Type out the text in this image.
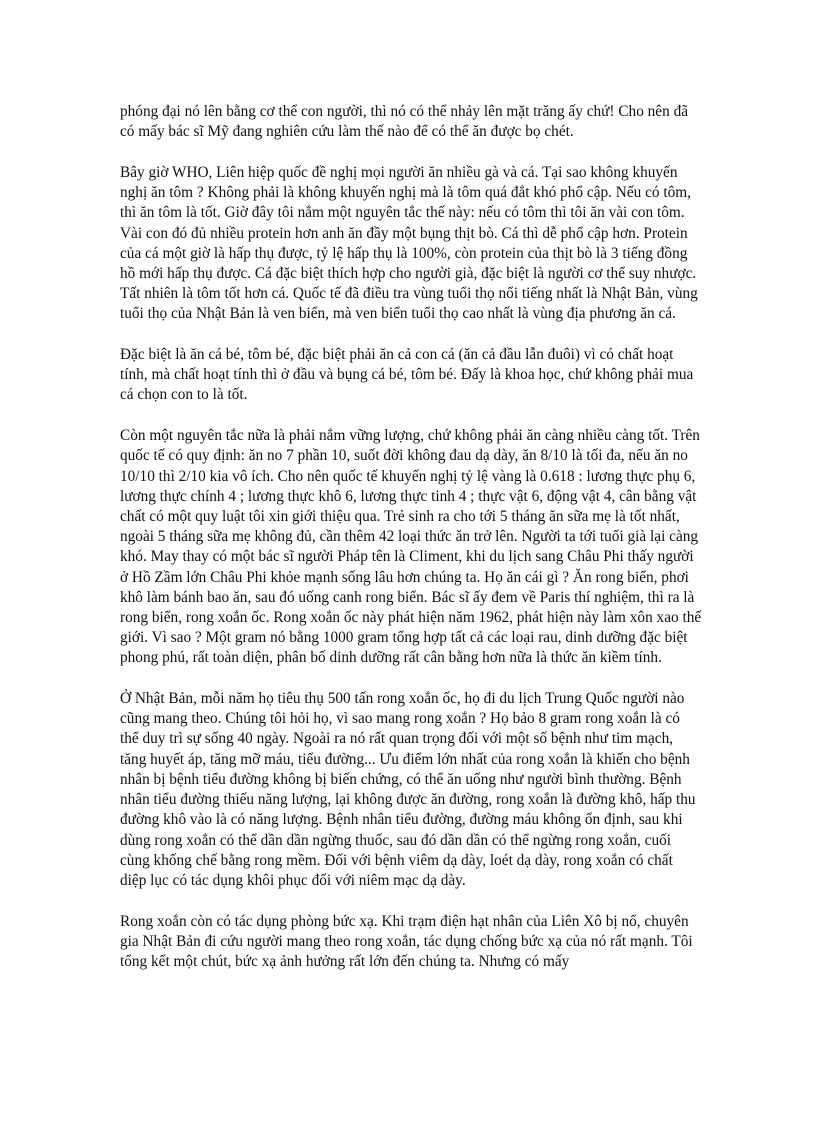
phóng đại nó lên bằng cơ thể con người, thì nó có thể nhảy lên mặt trăng ấy chứ! Cho nên đã có mấy bác sĩ Mỹ đang nghiên cứu làm thế nào để có thể ăn được bọ chét.

Bây giờ WHO, Liên hiệp quốc đề nghị mọi người ăn nhiều gà và cá. Tại sao không khuyến nghị ăn tôm ? Không phải là không khuyến nghị mà là tôm quá đắt khó phổ cập. Nếu có tôm, thì ăn tôm là tốt. Giờ đây tôi nắm một nguyên tắc thế này: nếu có tôm thì tôi ăn vài con tôm. Vài con đó đủ nhiều protein hơn anh ăn đầy một bụng thịt bò. Cá thì dễ phổ cập hơn. Protein của cá một giờ là hấp thụ được, tỷ lệ hấp thụ là 100%, còn protein của thịt bò là 3 tiếng đồng hồ mới hấp thụ được. Cá đặc biệt thích hợp cho người già, đặc biệt là người cơ thể suy nhược. Tất nhiên là tôm tốt hơn cá. Quốc tế đã điều tra vùng tuổi thọ nổi tiếng nhất là Nhật Bản, vùng tuổi thọ của Nhật Bản là ven biển, mà ven biển tuổi thọ cao nhất là vùng địa phương ăn cá.

Đặc biệt là ăn cá bé, tôm bé, đặc biệt phải ăn cả con cá (ăn cả đầu lẫn đuôi) vì có chất hoạt tính, mà chất hoạt tính thì ở đầu và bụng cá bé, tôm bé. Đấy là khoa học, chứ không phải mua cá chọn con to là tốt.

Còn một nguyên tắc nữa là phải nắm vững lượng, chứ không phải ăn càng nhiều càng tốt. Trên quốc tế có quy định: ăn no 7 phần 10, suốt đời không đau dạ dày, ăn 8/10 là tối đa, nếu ăn no 10/10 thì 2/10 kia vô ích. Cho nên quốc tế khuyến nghị tỷ lệ vàng là 0.618 : lương thực phụ 6, lương thực chính 4 ; lương thực khô 6, lương thực tinh 4 ; thực vật 6, động vật 4, cân bằng vật chất có một quy luật tôi xin giới thiệu qua. Trẻ sinh ra cho tới 5 tháng ăn sữa mẹ là tốt nhất, ngoài 5 tháng sữa mẹ không đủ, cần thêm 42 loại thức ăn trở lên. Người ta tới tuổi già lại càng khó. May thay có một bác sĩ người Pháp tên là Climent, khi du lịch sang Châu Phi thấy người ở Hồ Zầm lớn Châu Phi khỏe mạnh sống lâu hơn chúng ta. Họ ăn cái gì ? Ăn rong biển, phơi khô làm bánh bao ăn, sau đó uống canh rong biển. Bác sĩ ấy đem về Paris thí nghiệm, thì ra là rong biển, rong xoắn ốc. Rong xoắn ốc này phát hiện năm 1962, phát hiện này làm xôn xao thế giới. Vì sao ? Một gram nó bằng 1000 gram tổng hợp tất cả các loại rau, dinh dưỡng đặc biệt phong phú, rất toàn diện, phân bố dinh dưỡng rất cân bằng hơn nữa là thức ăn kiềm tính.

Ở Nhật Bản, mỗi năm họ tiêu thụ 500 tấn rong xoắn ốc, họ đi du lịch Trung Quốc người nào cũng mang theo. Chúng tôi hỏi họ, vì sao mang rong xoắn ? Họ bảo 8 gram rong xoắn là có thể duy trì sự sống 40 ngày. Ngoài ra nó rất quan trọng đối với một số bệnh như tim mạch, tăng huyết áp, tăng mỡ máu, tiểu đường... Ưu điểm lớn nhất của rong xoắn là khiến cho bệnh nhân bị bệnh tiểu đường không bị biến chứng, có thể ăn uống như người bình thường. Bệnh nhân tiểu đường thiếu năng lượng, lại không được ăn đường, rong xoắn là đường khô, hấp thu đường khô vào là có năng lượng. Bệnh nhân tiểu đường, đường máu không ổn định, sau khi dùng rong xoắn có thể dần dần ngừng thuốc, sau đó dần dần có thể ngừng rong xoắn, cuối cùng khống chế bằng rong mềm. Đối với bệnh viêm dạ dày, loét dạ dày, rong xoắn có chất diệp lục có tác dụng khôi phục đối với niêm mạc dạ dày.

Rong xoắn còn có tác dụng phòng bức xạ. Khi trạm điện hạt nhân của Liên Xô bị nổ, chuyên gia Nhật Bản đi cứu người mang theo rong xoắn, tác dụng chống bức xạ của nó rất mạnh. Tôi tổng kết một chút, bức xạ ảnh hưởng rất lớn đến chúng ta. Nhưng có mấy
